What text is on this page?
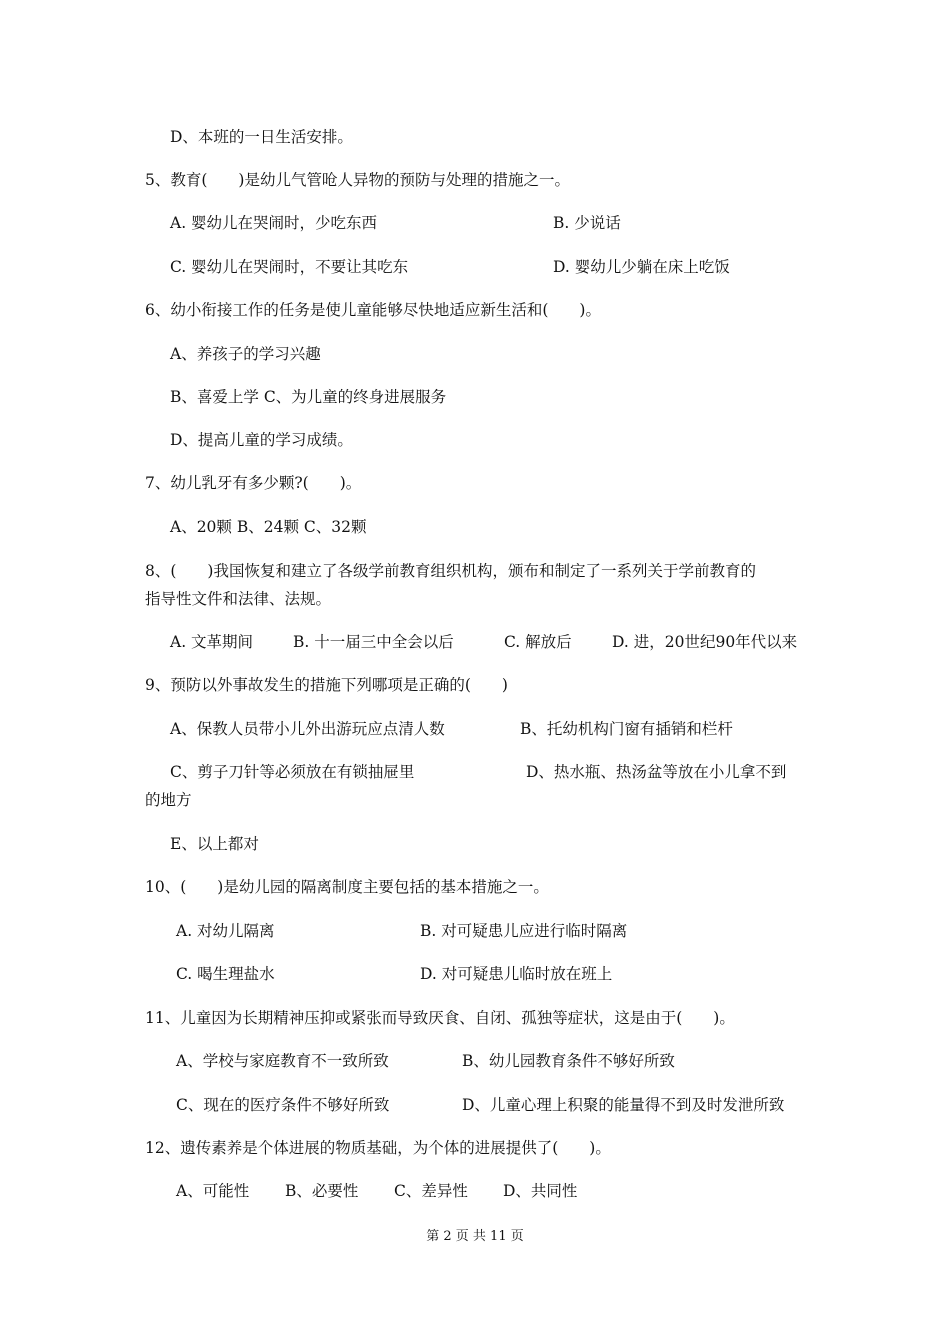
D、本班的一日生活安排。
5、教育(　　)是幼儿气管呛人异物的预防与处理的措施之一。
A. 婴幼儿在哭闹时，少吃东西	B. 少说话
C. 婴幼儿在哭闹时，不要让其吃东	D. 婴幼儿少躺在床上吃饭
6、幼小衔接工作的任务是使儿童能够尽快地适应新生活和(　　)。
A、养孩子的学习兴趣
B、喜爱上学 C、为儿童的终身进展服务
D、提高儿童的学习成绩。
7、幼儿乳牙有多少颗?(　　)。
A、20颗 B、24颗 C、32颗
8、(　　)我国恢复和建立了各级学前教育组织机构，颁布和制定了一系列关于学前教育的
指导性文件和法律、法规。
A. 文革期间	B. 十一届三中全会以后	C. 解放后	D. 进，20世纪90年代以来
9、预防以外事故发生的措施下列哪项是正确的(　　)
A、保教人员带小儿外出游玩应点清人数	B、托幼机构门窗有插销和栏杆
C、剪子刀针等必须放在有锁抽屉里	D、热水瓶、热汤盆等放在小儿拿不到
的地方
E、以上都对
10、(　　)是幼儿园的隔离制度主要包括的基本措施之一。
A. 对幼儿隔离	B. 对可疑患儿应进行临时隔离
C. 喝生理盐水	D. 对可疑患儿临时放在班上
11、儿童因为长期精神压抑或紧张而导致厌食、自闭、孤独等症状，这是由于(　　)。
A、学校与家庭教育不一致所致	B、幼儿园教育条件不够好所致
C、现在的医疗条件不够好所致	D、儿童心理上积聚的能量得不到及时发泄所致
12、遗传素养是个体进展的物质基础，为个体的进展提供了(　　)。
A、可能性 B、必要性 C、差异性 D、共同性
第 2 页 共 11 页
